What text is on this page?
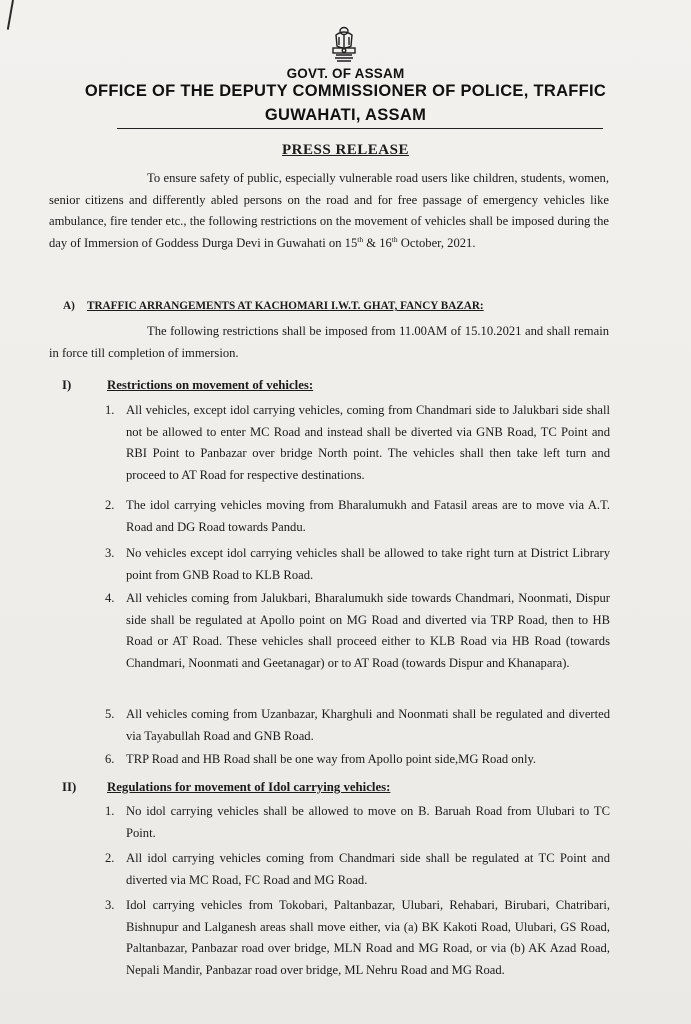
GOVT. OF ASSAM
OFFICE OF THE DEPUTY COMMISSIONER OF POLICE, TRAFFIC
GUWAHATI, ASSAM
PRESS RELEASE
To ensure safety of public, especially vulnerable road users like children, students, women, senior citizens and differently abled persons on the road and for free passage of emergency vehicles like ambulance, fire tender etc., the following restrictions on the movement of vehicles shall be imposed during the day of Immersion of Goddess Durga Devi in Guwahati on 15th & 16th October, 2021.
A) TRAFFIC ARRANGEMENTS AT KACHOMARI I.W.T. GHAT, FANCY BAZAR:
The following restrictions shall be imposed from 11.00AM of 15.10.2021 and shall remain in force till completion of immersion.
I)	Restrictions on movement of vehicles:
1. All vehicles, except idol carrying vehicles, coming from Chandmari side to Jalukbari side shall not be allowed to enter MC Road and instead shall be diverted via GNB Road, TC Point and RBI Point to Panbazar over bridge North point. The vehicles shall then take left turn and proceed to AT Road for respective destinations.
2. The idol carrying vehicles moving from Bharalumukh and Fatasil areas are to move via A.T. Road and DG Road towards Pandu.
3. No vehicles except idol carrying vehicles shall be allowed to take right turn at District Library point from GNB Road to KLB Road.
4. All vehicles coming from Jalukbari, Bharalumukh side towards Chandmari, Noonmati, Dispur side shall be regulated at Apollo point on MG Road and diverted via TRP Road, then to HB Road or AT Road. These vehicles shall proceed either to KLB Road via HB Road (towards Chandmari, Noonmati and Geetanagar) or to AT Road (towards Dispur and Khanapara).
5. All vehicles coming from Uzanbazar, Kharghuli and Noonmati shall be regulated and diverted via Tayabullah Road and GNB Road.
6. TRP Road and HB Road shall be one way from Apollo point side,MG Road only.
II) Regulations for movement of Idol carrying vehicles:
1. No idol carrying vehicles shall be allowed to move on B. Baruah Road from Ulubari to TC Point.
2. All idol carrying vehicles coming from Chandmari side shall be regulated at TC Point and diverted via MC Road, FC Road and MG Road.
3. Idol carrying vehicles from Tokobari, Paltanbazar, Ulubari, Rehabari, Birubari, Chatribari, Bishnupur and Lalganesh areas shall move either, via (a) BK Kakoti Road, Ulubari, GS Road, Paltanbazar, Panbazar road over bridge, MLN Road and MG Road, or via (b) AK Azad Road, Nepali Mandir, Panbazar road over bridge, ML Nehru Road and MG Road.
